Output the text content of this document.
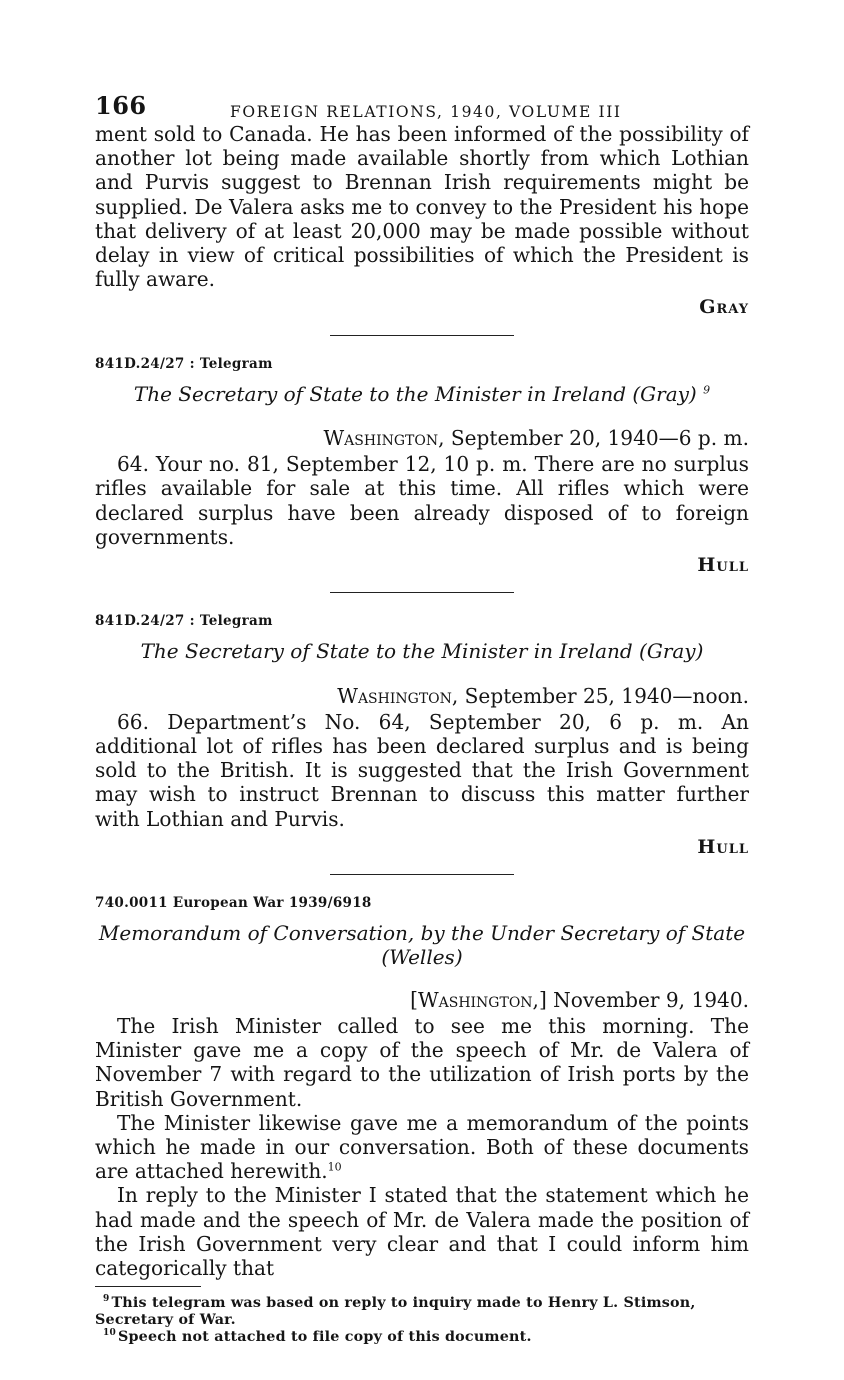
166	FOREIGN RELATIONS, 1940, VOLUME III

ment sold to Canada. He has been informed of the possibility of another lot being made available shortly from which Lothian and Purvis suggest to Brennan Irish requirements might be supplied. De Valera asks me to convey to the President his hope that delivery of at least 20,000 may be made possible without delay in view of critical possibilities of which the President is fully aware.

Gray
841D.24/27 : Telegram
The Secretary of State to the Minister in Ireland (Gray) $^9$
Washington, September 20, 1940—6 p. m.

64. Your no. 81, September 12, 10 p. m. There are no surplus rifles available for sale at this time. All rifles which were declared surplus have been already disposed of to foreign governments.

Hull
841D.24/27 : Telegram
The Secretary of State to the Minister in Ireland (Gray)
Washington, September 25, 1940—noon.

66. Department’s No. 64, September 20, 6 p. m. An additional lot of rifles has been declared surplus and is being sold to the British. It is suggested that the Irish Government may wish to instruct Brennan to discuss this matter further with Lothian and Purvis.

Hull
740.0011 European War 1939/6918
Memorandum of Conversation, by the Under Secretary of State
(Welles)
[Washington,] November 9, 1940.

The Irish Minister called to see me this morning. The Minister gave me a copy of the speech of Mr. de Valera of November 7 with regard to the utilization of Irish ports by the British Government.

The Minister likewise gave me a memorandum of the points which he made in our conversation. Both of these documents are attached herewith.$^{10}$

In reply to the Minister I stated that the statement which he had made and the speech of Mr. de Valera made the position of the Irish Government very clear and that I could inform him categorically that

$^9$ This telegram was based on reply to inquiry made to Henry L. Stimson, Secretary of War.
$^{10}$ Speech not attached to file copy of this document.
